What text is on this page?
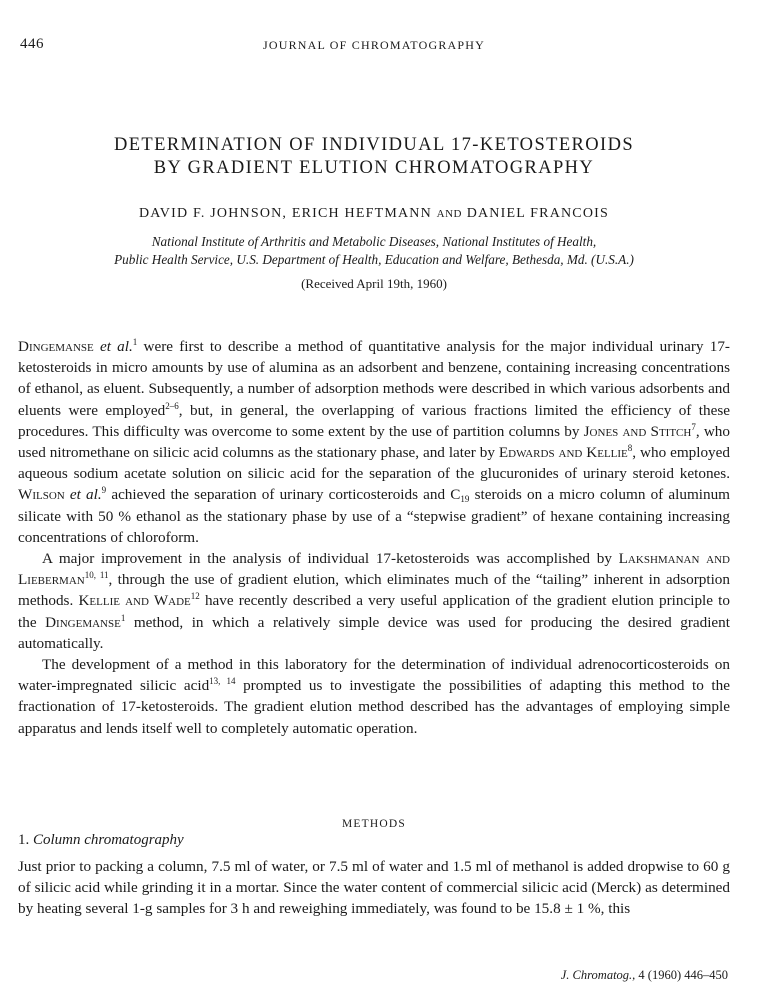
446	JOURNAL OF CHROMATOGRAPHY
DETERMINATION OF INDIVIDUAL 17-KETOSTEROIDS
BY GRADIENT ELUTION CHROMATOGRAPHY
DAVID F. JOHNSON, ERICH HEFTMANN AND DANIEL FRANCOIS
National Institute of Arthritis and Metabolic Diseases, National Institutes of Health,
Public Health Service, U.S. Department of Health, Education and Welfare, Bethesda, Md. (U.S.A.)
(Received April 19th, 1960)

Dingemanse et al.$^1$ were first to describe a method of quantitative analysis for the major individual urinary 17-ketosteroids in micro amounts by use of alumina as an adsorbent and benzene, containing increasing concentrations of ethanol, as eluent. Subsequently, a number of adsorption methods were described in which various adsorbents and eluents were employed$^{2-6}$, but, in general, the overlapping of various fractions limited the efficiency of these procedures. This difficulty was overcome to some extent by the use of partition columns by Jones and Stitch$^7$, who used nitromethane on silicic acid columns as the stationary phase, and later by Edwards and Kellie$^8$, who employed aqueous sodium acetate solution on silicic acid for the separation of the glucuronides of urinary steroid ketones. Wilson et al.$^9$ achieved the separation of urinary corticosteroids and $C_{19}$ steroids on a micro column of aluminum silicate with 50 % ethanol as the stationary phase by use of a “stepwise gradient” of hexane containing increasing concentrations of chloroform.

A major improvement in the analysis of individual 17-ketosteroids was accomplished by Lakshmanan and Lieberman$^{10, 11}$, through the use of gradient elution, which eliminates much of the “tailing” inherent in adsorption methods. Kellie and Wade$^{12}$ have recently described a very useful application of the gradient elution principle to the Dingemanse$^1$ method, in which a relatively simple device was used for producing the desired gradient automatically.

The development of a method in this laboratory for the determination of individual adrenocorticosteroids on water-impregnated silicic acid$^{13, 14}$ prompted us to investigate the possibilities of adapting this method to the fractionation of 17-ketosteroids. The gradient elution method described has the advantages of employing simple apparatus and lends itself well to completely automatic operation.

METHODS
1. Column chromatography

Just prior to packing a column, 7.5 ml of water, or 7.5 ml of water and 1.5 ml of methanol is added dropwise to 60 g of silicic acid while grinding it in a mortar. Since the water content of commercial silicic acid (Merck) as determined by heating several 1-g samples for 3 h and reweighing immediately, was found to be 15.8 ± 1 %, this

J. Chromatog., 4 (1960) 446–450
